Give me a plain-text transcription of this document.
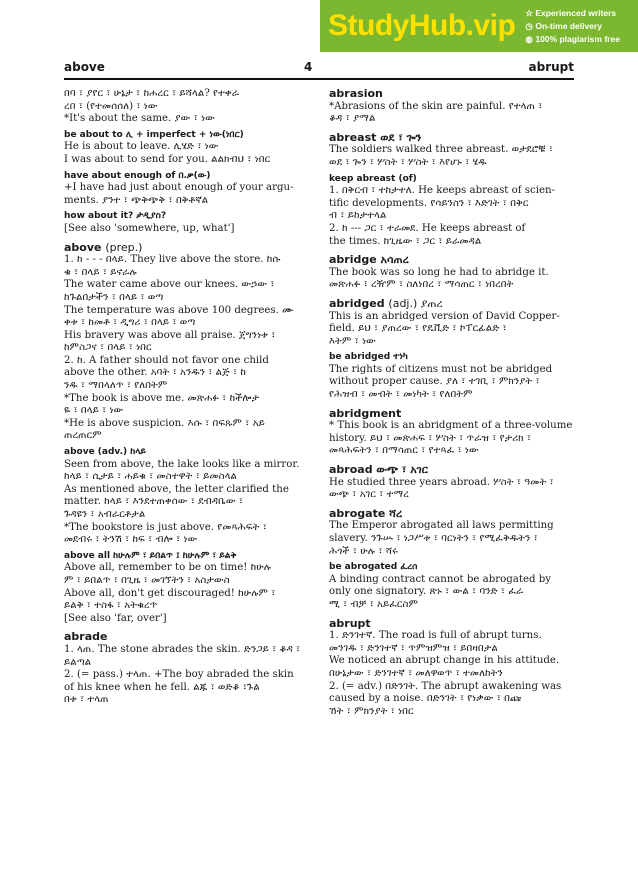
StudyHub.vip ☆ Experienced writers
◷ On-time delivery
◍ 100% plagiarism free
above	4	abrupt
በባ ፣ ያየር ፣ ሁኔታ ፣ ከሐረር ፣ ይሻላል? የተቀራ
ረበ ፣ (የተመሰሰለ) ፣ ነው
*It's about the same. ያው ፣ ነው
be about to ሊ + imperfect + ነው(ነበር)
He is about to leave. ሊሄድ ፣ ነው
I was about to send for you. ልልክብህ ፣ ነበር
have about enough of በ.ቃ(ው)
+I have had just about enough of your argu-
ments. ያንተ ፣ ጭቅጭቅ ፣ በቅቶኛል
how about it? ታዲያስ?
[See also 'somewhere, up, what']
above (prep.)
1. ከ - - - በላይ. They live above the store. ከሱ
ቁ ፣ በላይ ፣ ይኖራሉ
The water came above our knees. ውኃው ፣
ከጉልበታችን ፣ በላይ ፣ ወጣ
The temperature was above 100 degrees. ሙ
ቀቱ ፣ ከመቶ ፣ ዲግሪ ፣ በላይ ፣ ወጣ
His bravery was above all praise. ጀግንነቱ ፣
ከምስጋና ፣ በላይ ፣ ነበር
2. ከ. A father should not favor one child
above the other. አባት ፣ አንዱን ፣ ልጅ ፣ ከ
ንዱ ፣ ማበላለጥ ፣ የለበትም
*The book is above me. መጽሐፉ ፣ ከችሎታ
ዬ ፣ በላይ ፣ ነው
*He is above suspicion. እሱ ፣ በፍጹም ፣ አይ
ጠረጠርም
above (adv.) ከላይ
Seen from above, the lake looks like a mirror.
ከላይ ፣ ሲታይ ፣ ሐይቁ ፣ መስተዋት ፣ ይመስላል
As mentioned above, the letter clarified the
matter. ከላይ ፣ እንደተጠቀሰው ፣ ደብዳቤው ፣
ጉዳዩን ፣ አብራርቶታል
*The bookstore is just above. የመጻሕፍት ፣
መደብሩ ፣ ትንሽ ፣ ከፍ ፣ ብሎ ፣ ነው
above all ከሁሉም ፣ ይበልጥ ፤ ከሁሉም ፣ ይልቅ
Above all, remember to be on time! ከሁሉ
ም ፣ ይበልጥ ፣ በጊዜ ፣ መገኘትን ፣ አስታውስ
Above all, don't get discouraged! ከሁሉም ፣
ይልቅ ፣ ተስፋ ፣ አትቁረጥ
[See also 'far, over']
abrade
1. ላጠ. The stone abrades the skin. ድንጋይ ፣ ቆዳ ፣
ይልጣል
2. (= pass.) ተላጠ. +The boy abraded the skin
of his knee when he fell. ልጁ ፣ ወድቆ ፣ጉል
በቱ ፣ ተላጠ
abrasion
*Abrasions of the skin are painful. የተላጠ ፣
ቆዳ ፣ ያማል
abreast ወደ ፣ ጐን
The soldiers walked three abreast. ወታደሮቹ ፣
ወደ ፣ ጐን ፣ ሦስት ፣ ሦስት ፣ እየሆኑ ፣ ሄዱ
keep abreast (of)
1. በቅርብ ፣ ተከታተለ. He keeps abreast of scien-
tific developments. የሳይንስን ፣ እድገት ፣ በቅር
ብ ፣ ይከታተላል
2. ከ --- ጋር ፣ ተራመደ. He keeps abreast of
the times. ከጊዜው ፣ ጋር ፣ ይራመዳል
abridge አሳጠረ
The book was so long he had to abridge it.
መጽሐፉ ፣ ረዥም ፣ ስለነበረ ፣ ማሳጠር ፣ ነበረበት
abridged (adj.) ያጠረ
This is an abridged version of David Copper-
field. ይህ ፣ ያጠረው ፣ የዴቪድ ፣ ኮፐርፊልድ ፣
እትም ፣ ነው
be abridged ተነካ
The rights of citizens must not be abridged
without proper cause. ያለ ፣ ተገቢ ፣ ምክንያት ፣
የሕዝብ ፣ መብት ፣ መነካት ፣ የለበትም
abridgment
* This book is an abridgment of a three-volume
history. ይህ ፣ መጽሐፍ ፣ ሦስት ፣ ጥራዝ ፣ የታሪክ ፣
መጻሕፍትን ፣ በማሳጠር ፣ የተጻፈ ፣ ነው
abroad ውጭ ፣ አገር
He studied three years abroad. ሦስት ፣ ዓመት ፣
ውጭ ፣ አገር ፣ ተማረ
abrogate ሻረ
The Emperor abrogated all laws permitting
slavery. ንጉሡ ፣ ነጋሥቱ ፣ ባርነትን ፣ የሚፈቅዱትን ፣
ሕጎች ፣ ሁሉ ፣ ሻሩ
be abrogated ፈረሰ
A binding contract cannot be abrogated by
only one signatory. ጽኑ ፣ ውል ፣ ባንድ ፣ ፈራ
ሚ ፣ ብቻ ፣ አይፈርስም
abrupt
1. ድንገተኛ. The road is full of abrupt turns.
መንገዱ ፣ ድንገተኛ ፣ ጥምዝምዝ ፣ ይበዛበታል
We noticed an abrupt change in his attitude.
በሁኔታው ፣ ድንገተኛ ፣ መለዋወጥ ፣ ተመለከትን
2. (= adv.) በድንገት. The abrupt awakening was
caused by a noise. በድንገት ፣ የነቃው ፣ በጩ
ኸት ፣ ምክንያት ፣ ነበር
